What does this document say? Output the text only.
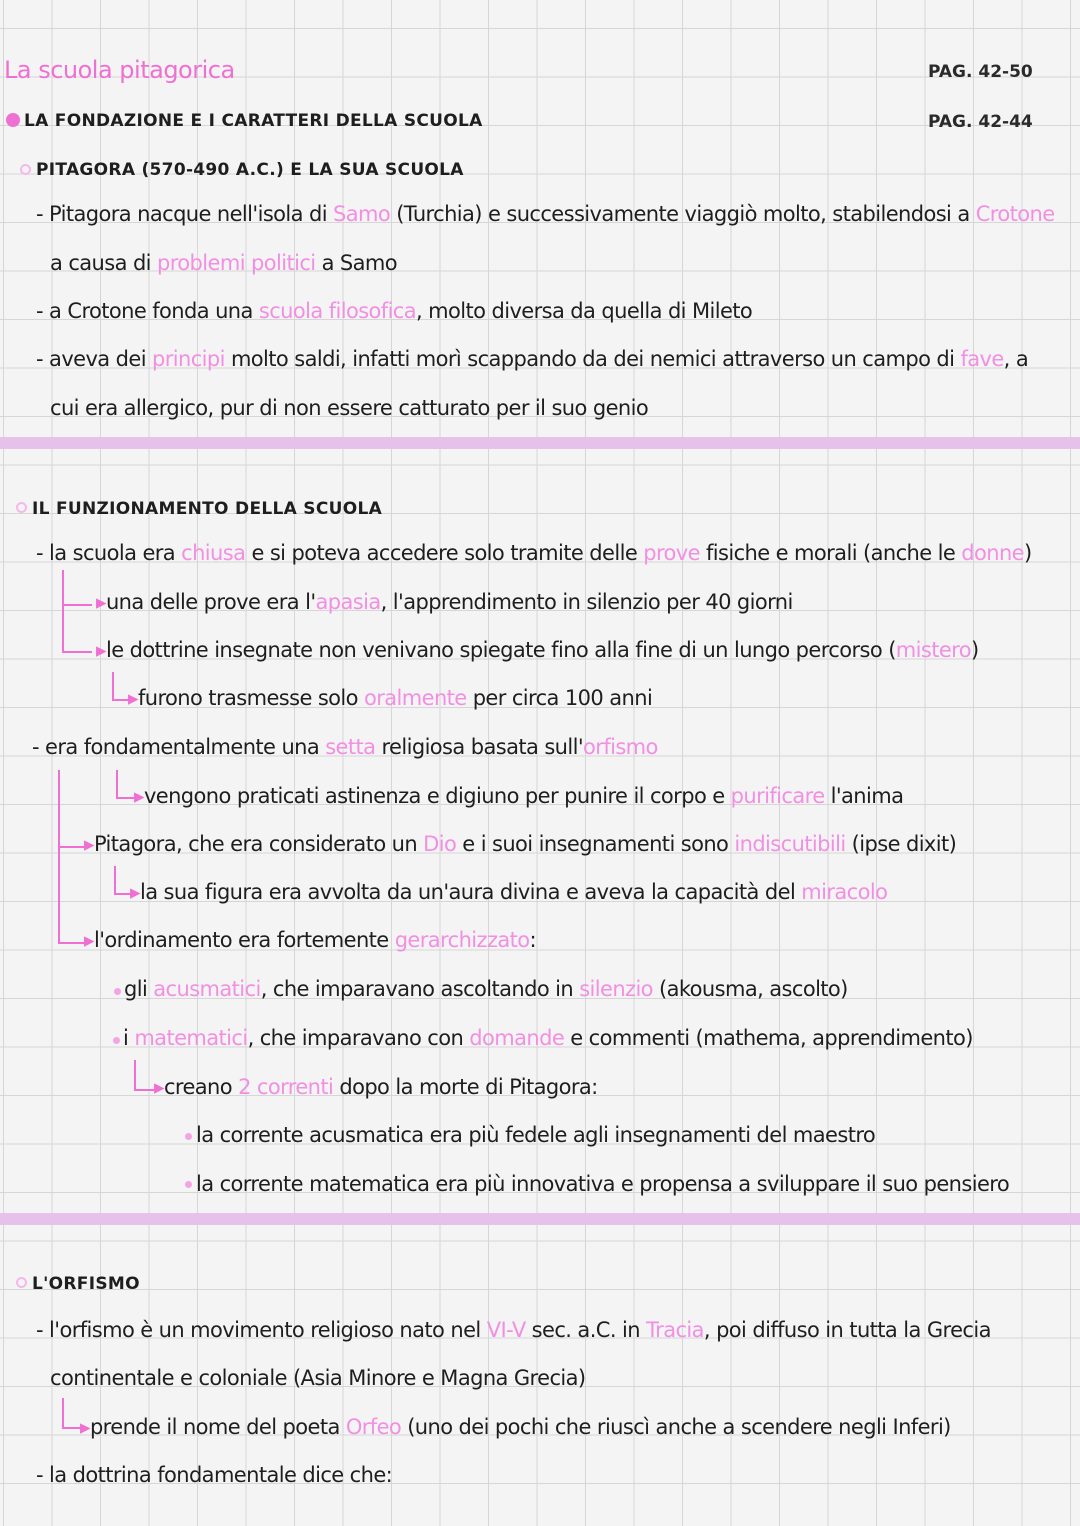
La scuola pitagorica	PAG. 42-50
PAG. 42-44
LA FONDAZIONE E I CARATTERI DELLA SCUOLA
PITAGORA (570-490 A.C.) E LA SUA SCUOLA
- Pitagora nacque nell'isola di Samo (Turchia) e successivamente viaggiò molto, stabilendosi a Crotone
a causa di problemi politici a Samo
- a Crotone fonda una scuola filosofica, molto diversa da quella di Mileto
- aveva dei principi molto saldi, infatti morì scappando da dei nemici attraverso un campo di fave, a
cui era allergico, pur di non essere catturato per il suo genio
IL FUNZIONAMENTO DELLA SCUOLA
- la scuola era chiusa e si poteva accedere solo tramite delle prove fisiche e morali (anche le donne)
▸una delle prove era l'apasia, l'apprendimento in silenzio per 40 giorni
▸le dottrine insegnate non venivano spiegate fino alla fine di un lungo percorso (mistero)
▸furono trasmesse solo oralmente per circa 100 anni
- era fondamentalmente una setta religiosa basata sull'orfismo
▸vengono praticati astinenza e digiuno per punire il corpo e purificare l'anima
▸Pitagora, che era considerato un Dio e i suoi insegnamenti sono indiscutibili (ipse dixit)
▸la sua figura era avvolta da un'aura divina e aveva la capacità del miracolo
▸l'ordinamento era fortemente gerarchizzato:
gli acusmatici, che imparavano ascoltando in silenzio (akousma, ascolto)
i matematici, che imparavano con domande e commenti (mathema, apprendimento)
▸creano 2 correnti dopo la morte di Pitagora:
la corrente acusmatica era più fedele agli insegnamenti del maestro
la corrente matematica era più innovativa e propensa a sviluppare il suo pensiero
L'ORFISMO
- l'orfismo è un movimento religioso nato nel VI-V sec. a.C. in Tracia, poi diffuso in tutta la Grecia
continentale e coloniale (Asia Minore e Magna Grecia)
▸prende il nome del poeta Orfeo (uno dei pochi che riuscì anche a scendere negli Inferi)
- la dottrina fondamentale dice che:
